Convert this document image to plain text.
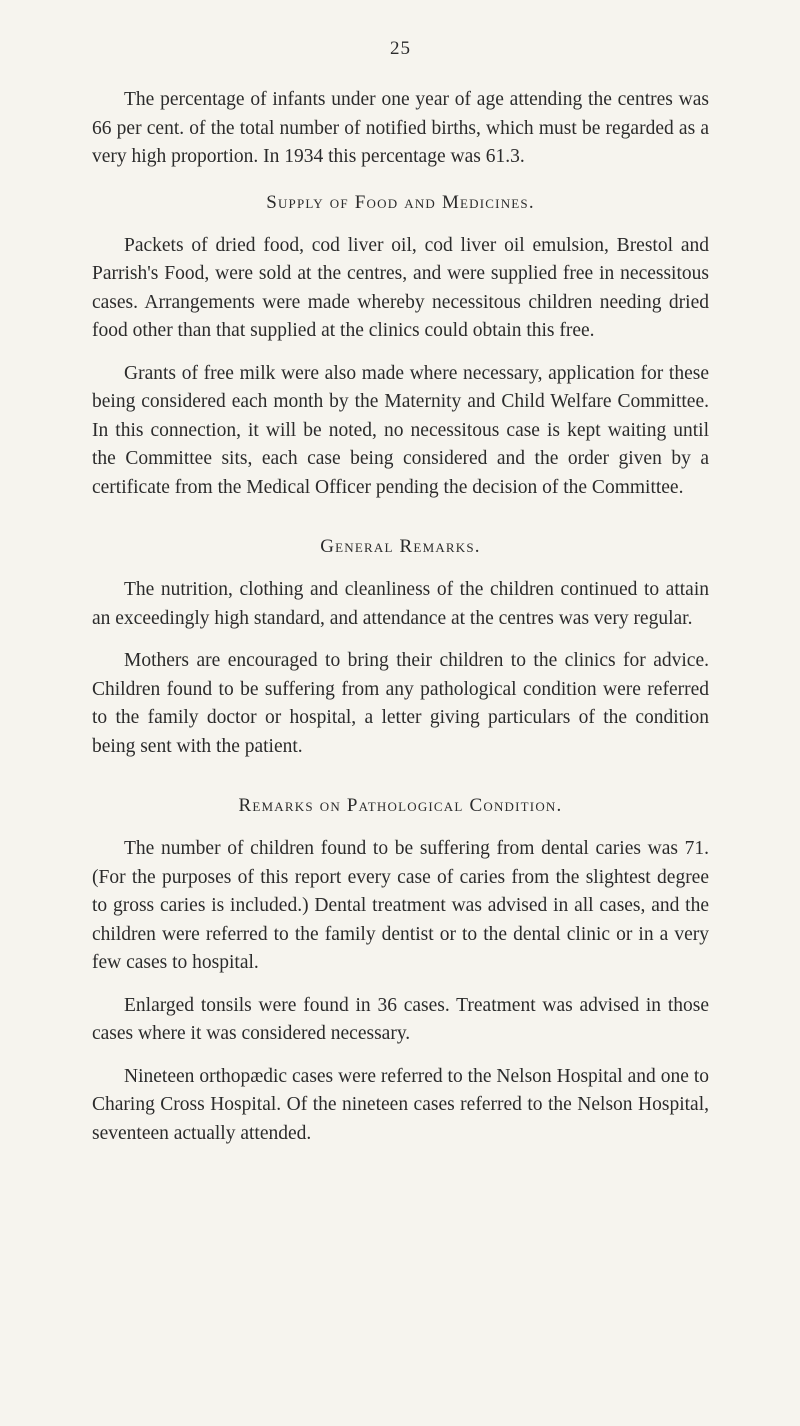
25

The percentage of infants under one year of age attending the centres was 66 per cent. of the total number of notified births, which must be regarded as a very high proportion. In 1934 this percentage was 61.3.

Supply of Food and Medicines.

Packets of dried food, cod liver oil, cod liver oil emulsion, Brestol and Parrish's Food, were sold at the centres, and were supplied free in necessitous cases. Arrangements were made whereby necessitous children needing dried food other than that supplied at the clinics could obtain this free.

Grants of free milk were also made where necessary, application for these being considered each month by the Maternity and Child Welfare Committee. In this connection, it will be noted, no necessitous case is kept waiting until the Committee sits, each case being considered and the order given by a certificate from the Medical Officer pending the decision of the Committee.

General Remarks.

The nutrition, clothing and cleanliness of the children continued to attain an exceedingly high standard, and attendance at the centres was very regular.

Mothers are encouraged to bring their children to the clinics for advice. Children found to be suffering from any pathological condition were referred to the family doctor or hospital, a letter giving particulars of the condition being sent with the patient.

Remarks on Pathological Condition.

The number of children found to be suffering from dental caries was 71. (For the purposes of this report every case of caries from the slightest degree to gross caries is included.) Dental treatment was advised in all cases, and the children were referred to the family dentist or to the dental clinic or in a very few cases to hospital.

Enlarged tonsils were found in 36 cases. Treatment was advised in those cases where it was considered necessary.

Nineteen orthopædic cases were referred to the Nelson Hospital and one to Charing Cross Hospital. Of the nineteen cases referred to the Nelson Hospital, seventeen actually attended.
